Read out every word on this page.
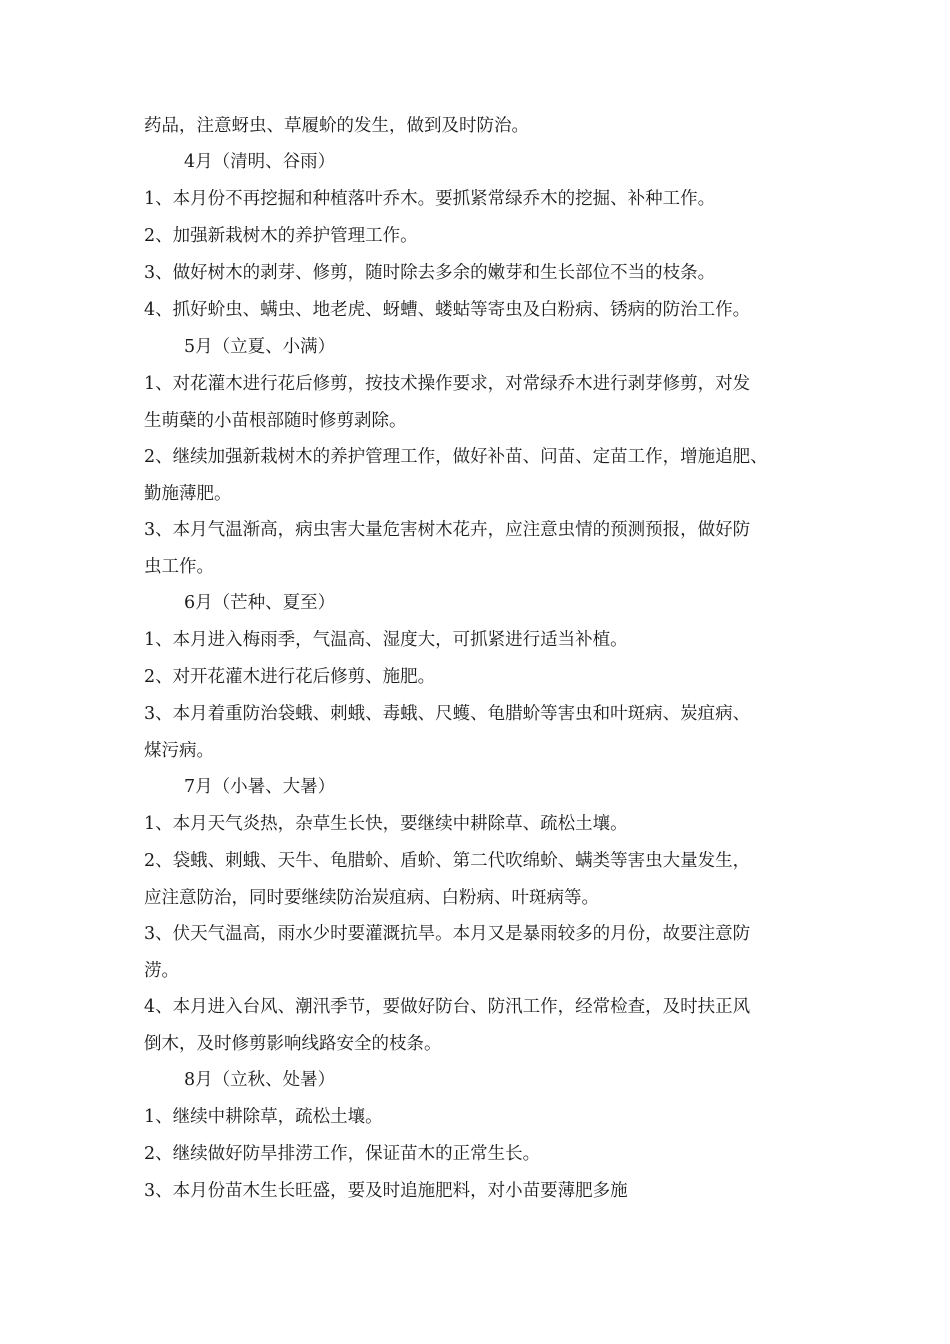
药品，注意蚜虫、草履蚧的发生，做到及时防治。
4月（清明、谷雨）
1、本月份不再挖掘和种植落叶乔木。要抓紧常绿乔木的挖掘、补种工作。
2、加强新栽树木的养护管理工作。
3、做好树木的剥芽、修剪，随时除去多余的嫩芽和生长部位不当的枝条。
4、抓好蚧虫、螨虫、地老虎、蚜螬、蝼蛄等寄虫及白粉病、锈病的防治工作。
5月（立夏、小满）
1、对花灌木进行花后修剪，按技术操作要求，对常绿乔木进行剥芽修剪，对发
生萌蘖的小苗根部随时修剪剥除。
2、继续加强新栽树木的养护管理工作，做好补苗、问苗、定苗工作，增施追肥、
勤施薄肥。
3、本月气温渐高，病虫害大量危害树木花卉，应注意虫情的预测预报，做好防
虫工作。
6月（芒种、夏至）
1、本月进入梅雨季，气温高、湿度大，可抓紧进行适当补植。
2、对开花灌木进行花后修剪、施肥。
3、本月着重防治袋蛾、刺蛾、毒蛾、尺蠖、龟腊蚧等害虫和叶斑病、炭疽病、
煤污病。
7月（小暑、大暑）
1、本月天气炎热，杂草生长快，要继续中耕除草、疏松土壤。
2、袋蛾、刺蛾、天牛、龟腊蚧、盾蚧、第二代吹绵蚧、螨类等害虫大量发生，
应注意防治，同时要继续防治炭疽病、白粉病、叶斑病等。
3、伏天气温高，雨水少时要灌溉抗旱。本月又是暴雨较多的月份，故要注意防
涝。
4、本月进入台风、潮汛季节，要做好防台、防汛工作，经常检查，及时扶正风
倒木，及时修剪影响线路安全的枝条。
8月（立秋、处暑）
1、继续中耕除草，疏松土壤。
2、继续做好防旱排涝工作，保证苗木的正常生长。
3、本月份苗木生长旺盛，要及时追施肥料，对小苗要薄肥多施
